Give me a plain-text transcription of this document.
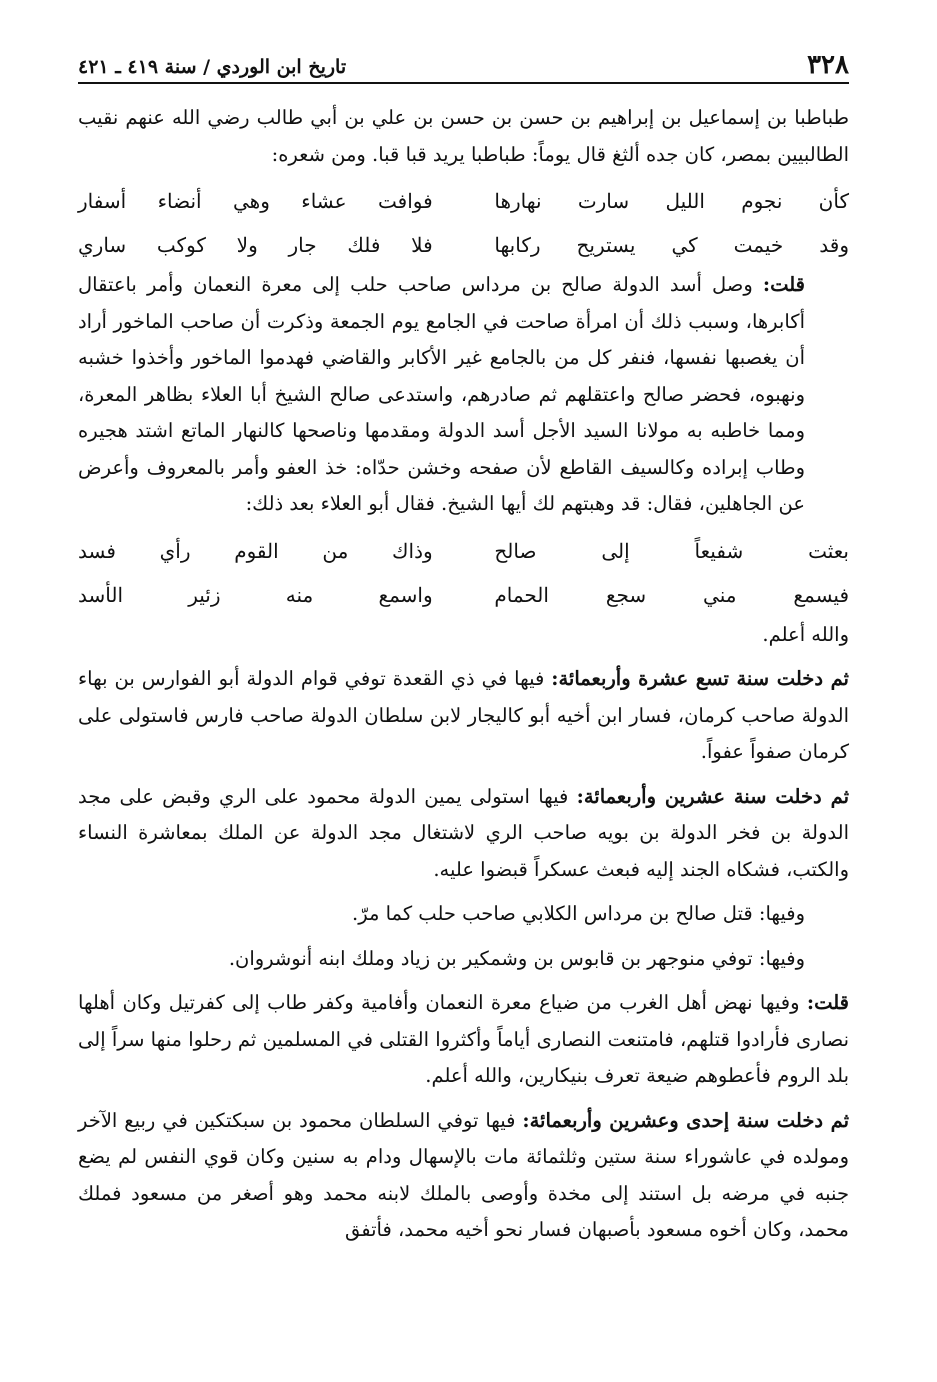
٣٢٨
تاريخ ابن الوردي / سنة ٤١٩ ـ ٤٢١

طباطبا بن إسماعيل بن إبراهيم بن حسن بن حسن بن علي بن أبي طالب رضي الله عنهم نقيب الطالبيين بمصر، كان جده ألثغ قال يوماً: طباطبا يريد قبا قبا. ومن شعره:

كأن نجوم الليل سارت نهارها
فوافت عشاء وهي أنضاء أسفار
وقد خيمت كي يستريح ركابها
فلا فلك جار ولا كوكب ساري

قلت: وصل أسد الدولة صالح بن مرداس صاحب حلب إلى معرة النعمان وأمر باعتقال أكابرها، وسبب ذلك أن امرأة صاحت في الجامع يوم الجمعة وذكرت أن صاحب الماخور أراد أن يغصبها نفسها، فنفر كل من بالجامع غير الأكابر والقاضي فهدموا الماخور وأخذوا خشبه ونهبوه، فحضر صالح واعتقلهم ثم صادرهم، واستدعى صالح الشيخ أبا العلاء بظاهر المعرة، ومما خاطبه به مولانا السيد الأجل أسد الدولة ومقدمها وناصحها كالنهار الماتع اشتد هجيره وطاب إبراده وكالسيف القاطع لأن صفحه وخشن حدّاه: خذ العفو وأمر بالمعروف وأعرض عن الجاهلين، فقال: قد وهبتهم لك أيها الشيخ. فقال أبو العلاء بعد ذلك:

بعثت شفيعاً إلى صالح
وذاك من القوم رأي فسد
فيسمع مني سجع الحمام
واسمع منه زئير الأسد

والله أعلم.

ثم دخلت سنة تسع عشرة وأربعمائة: فيها في ذي القعدة توفي قوام الدولة أبو الفوارس بن بهاء الدولة صاحب كرمان، فسار ابن أخيه أبو كاليجار لابن سلطان الدولة صاحب فارس فاستولى على كرمان صفواً عفواً.

ثم دخلت سنة عشرين وأربعمائة: فيها استولى يمين الدولة محمود على الري وقبض على مجد الدولة بن فخر الدولة بن بويه صاحب الري لاشتغال مجد الدولة عن الملك بمعاشرة النساء والكتب، فشكاه الجند إليه فبعث عسكراً قبضوا عليه.

وفيها: قتل صالح بن مرداس الكلابي صاحب حلب كما مرّ.

وفيها: توفي منوجهر بن قابوس بن وشمكير بن زياد وملك ابنه أنوشروان.

قلت: وفيها نهض أهل الغرب من ضياع معرة النعمان وأفامية وكفر طاب إلى كفرتيل وكان أهلها نصارى فأرادوا قتلهم، فامتنعت النصارى أياماً وأكثروا القتلى في المسلمين ثم رحلوا منها سراً إلى بلد الروم فأعطوهم ضيعة تعرف بنيكارين، والله أعلم.

ثم دخلت سنة إحدى وعشرين وأربعمائة: فيها توفي السلطان محمود بن سبكتكين في ربيع الآخر ومولده في عاشوراء سنة ستين وثلثمائة مات بالإسهال ودام به سنين وكان قوي النفس لم يضع جنبه في مرضه بل استند إلى مخدة وأوصى بالملك لابنه محمد وهو أصغر من مسعود فملك محمد، وكان أخوه مسعود بأصبهان فسار نحو أخيه محمد، فأتفق
